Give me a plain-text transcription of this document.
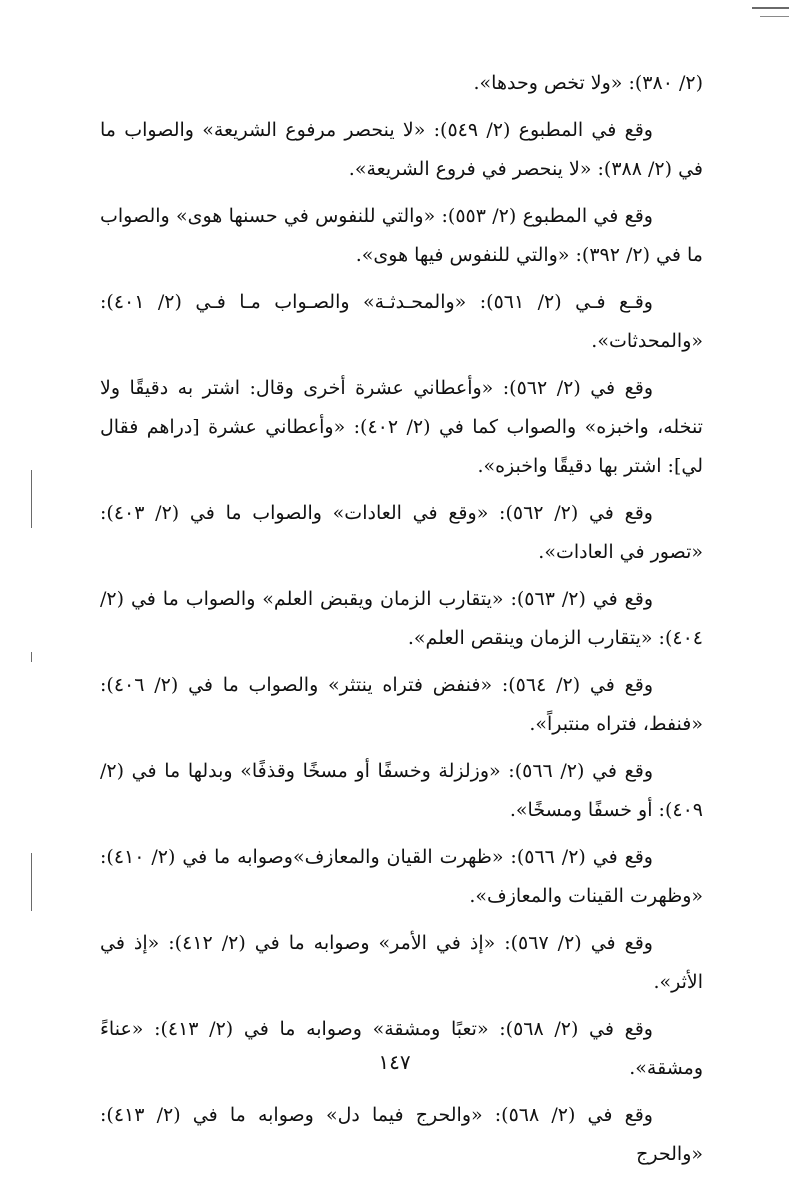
(٢/ ٣٨٠): «ولا تخص وحدها».

وقع في المطبوع (٢/ ٥٤٩): «لا ينحصر مرفوع الشريعة» والصواب ما في (٢/ ٣٨٨): «لا ينحصر في فروع الشريعة».

وقع في المطبوع (٢/ ٥٥٣): «والتي للنفوس في حسنها هوى» والصواب ما في (٢/ ٣٩٢): «والتي للنفوس فيها هوى».

وقـع فـي (٢/ ٥٦١): «والمحـدثـة» والصـواب مـا فـي (٢/ ٤٠١): «والمحدثات».

وقع في (٢/ ٥٦٢): «وأعطاني عشرة أخرى وقال: اشتر به دقيقًا ولا تنخله، واخبزه» والصواب كما في (٢/ ٤٠٢): «وأعطاني عشرة [دراهم فقال لي]: اشتر بها دقيقًا واخبزه».

وقع في (٢/ ٥٦٢): «وقع في العادات» والصواب ما في (٢/ ٤٠٣): «تصور في العادات».

وقع في (٢/ ٥٦٣): «يتقارب الزمان ويقبض العلم» والصواب ما في (٢/ ٤٠٤): «يتقارب الزمان وينقص العلم».

وقع في (٢/ ٥٦٤): «فنفض فتراه ينتثر» والصواب ما في (٢/ ٤٠٦): «فنفط، فتراه منتبراً».

وقع في (٢/ ٥٦٦): «وزلزلة وخسفًا أو مسخًا وقذفًا» وبدلها ما في (٢/ ٤٠٩): أو خسفًا ومسخًا».

وقع في (٢/ ٥٦٦): «ظهرت القيان والمعازف»وصوابه ما في (٢/ ٤١٠): «وظهرت القينات والمعازف».

وقع في (٢/ ٥٦٧): «إذ في الأمر» وصوابه ما في (٢/ ٤١٢): «إذ في الأثر».

وقع في (٢/ ٥٦٨): «تعبًا ومشقة» وصوابه ما في (٢/ ٤١٣): «عناءً ومشقة».

وقع في (٢/ ٥٦٨): «والحرج فيما دل» وصوابه ما في (٢/ ٤١٣): «والحرج

١٤٧
